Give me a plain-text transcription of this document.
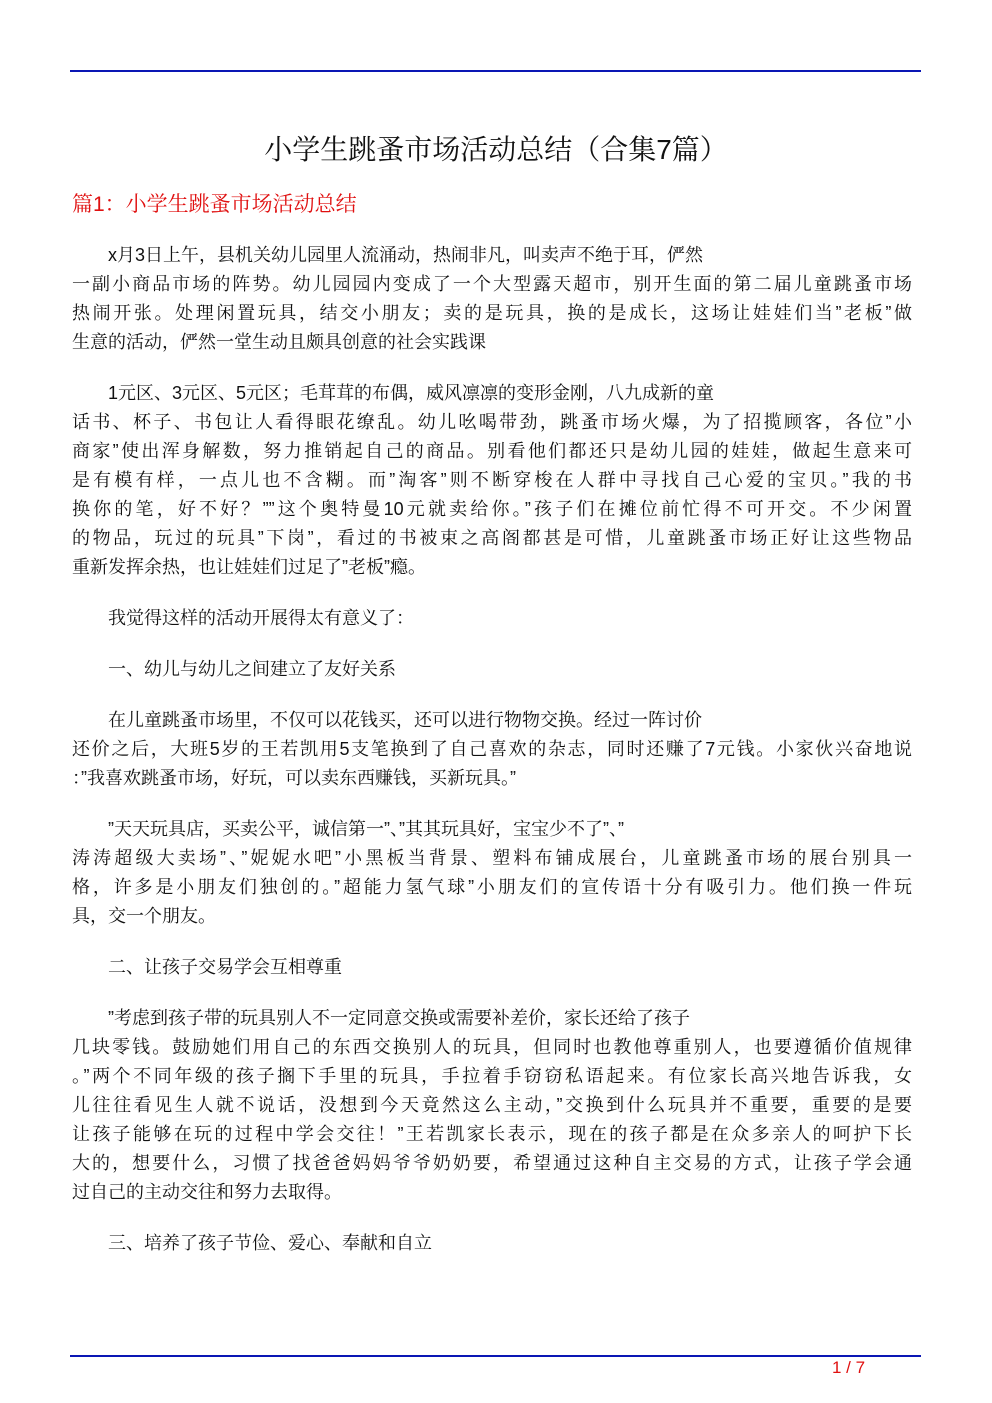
小学生跳蚤市场活动总结（合集7篇）
篇1：小学生跳蚤市场活动总结
x月3日上午，县机关幼儿园里人流涌动，热闹非凡，叫卖声不绝于耳，俨然
一副小商品市场的阵势。幼儿园园内变成了一个大型露天超市，别开生面的第二届儿童跳蚤市场
热闹开张。处理闲置玩具，结交小朋友；卖的是玩具，换的是成长，这场让娃娃们当”老板”做
生意的活动，俨然一堂生动且颇具创意的社会实践课
1元区、3元区、5元区；毛茸茸的布偶，威风凛凛的变形金刚，八九成新的童
话书、杯子、书包让人看得眼花缭乱。幼儿吆喝带劲，跳蚤市场火爆，为了招揽顾客，各位”小
商家”使出浑身解数，努力推销起自己的商品。别看他们都还只是幼儿园的娃娃，做起生意来可
是有模有样，一点儿也不含糊。而”淘客”则不断穿梭在人群中寻找自己心爱的宝贝。”我的书
换你的笔，好不好？””这个奥特曼10元就卖给你。”孩子们在摊位前忙得不可开交。不少闲置
的物品，玩过的玩具”下岗”，看过的书被束之高阁都甚是可惜，儿童跳蚤市场正好让这些物品
重新发挥余热，也让娃娃们过足了”老板”瘾。
我觉得这样的活动开展得太有意义了：
一、幼儿与幼儿之间建立了友好关系
在儿童跳蚤市场里，不仅可以花钱买，还可以进行物物交换。经过一阵讨价
还价之后，大班5岁的王若凯用5支笔换到了自己喜欢的杂志，同时还赚了7元钱。小家伙兴奋地说
：”我喜欢跳蚤市场，好玩，可以卖东西赚钱，买新玩具。”
”天天玩具店，买卖公平，诚信第一”、”其其玩具好，宝宝少不了”、”
涛涛超级大卖场”、”妮妮水吧”小黑板当背景、塑料布铺成展台，儿童跳蚤市场的展台别具一
格，许多是小朋友们独创的。”超能力氢气球”小朋友们的宣传语十分有吸引力。他们换一件玩
具，交一个朋友。
二、让孩子交易学会互相尊重
”考虑到孩子带的玩具别人不一定同意交换或需要补差价，家长还给了孩子
几块零钱。鼓励她们用自己的东西交换别人的玩具，但同时也教他尊重别人，也要遵循价值规律
。”两个不同年级的孩子搁下手里的玩具，手拉着手窃窃私语起来。有位家长高兴地告诉我，女
儿往往看见生人就不说话，没想到今天竟然这么主动，”交换到什么玩具并不重要，重要的是要
让孩子能够在玩的过程中学会交往！”王若凯家长表示，现在的孩子都是在众多亲人的呵护下长
大的，想要什么，习惯了找爸爸妈妈爷爷奶奶要，希望通过这种自主交易的方式，让孩子学会通
过自己的主动交往和努力去取得。
三、培养了孩子节俭、爱心、奉献和自立
1 / 7
